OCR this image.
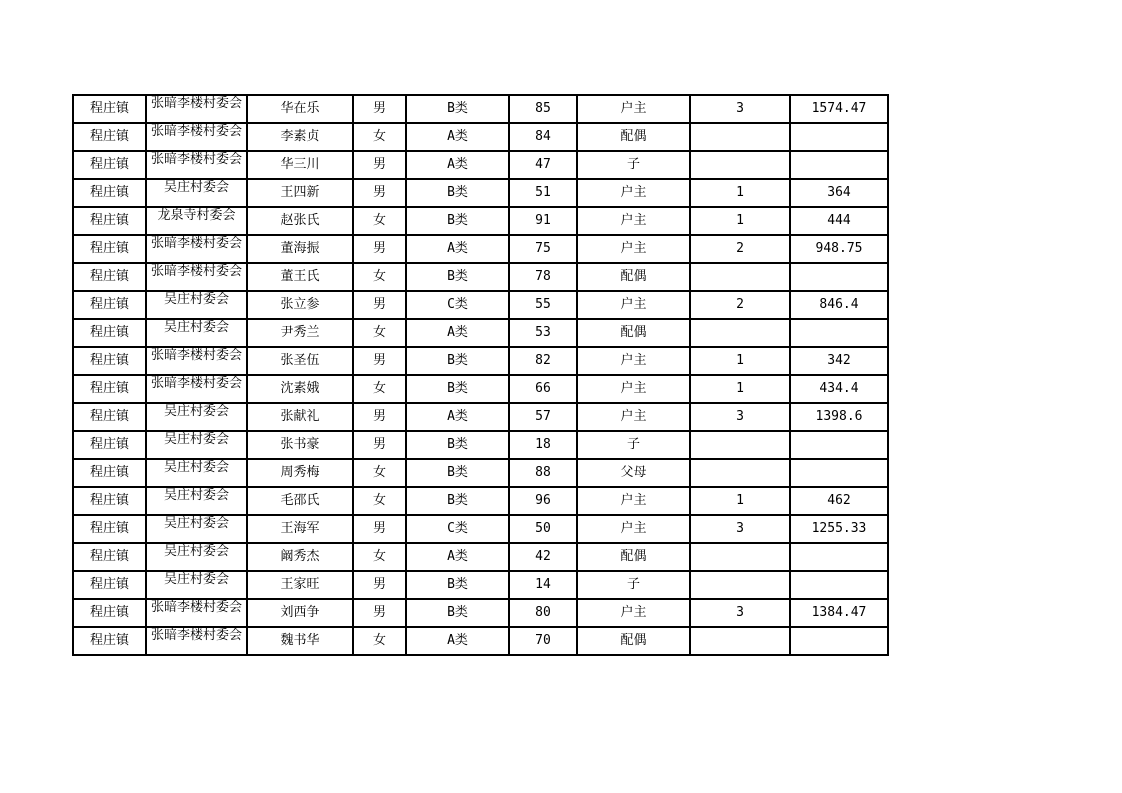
程庄镇	张暗李楼村委会	华在乐	男	B类	85	户主	3	1574.47
程庄镇	张暗李楼村委会	李素贞	女	A类	84	配偶		
程庄镇	张暗李楼村委会	华三川	男	A类	47	子		
程庄镇	吴庄村委会	王四新	男	B类	51	户主	1	364
程庄镇	龙泉寺村委会	赵张氏	女	B类	91	户主	1	444
程庄镇	张暗李楼村委会	董海振	男	A类	75	户主	2	948.75
程庄镇	张暗李楼村委会	董王氏	女	B类	78	配偶		
程庄镇	吴庄村委会	张立参	男	C类	55	户主	2	846.4
程庄镇	吴庄村委会	尹秀兰	女	A类	53	配偶		
程庄镇	张暗李楼村委会	张圣伍	男	B类	82	户主	1	342
程庄镇	张暗李楼村委会	沈素娥	女	B类	66	户主	1	434.4
程庄镇	吴庄村委会	张献礼	男	A类	57	户主	3	1398.6
程庄镇	吴庄村委会	张书豪	男	B类	18	子		
程庄镇	吴庄村委会	周秀梅	女	B类	88	父母		
程庄镇	吴庄村委会	毛邵氏	女	B类	96	户主	1	462
程庄镇	吴庄村委会	王海军	男	C类	50	户主	3	1255.33
程庄镇	吴庄村委会	阚秀杰	女	A类	42	配偶		
程庄镇	吴庄村委会	王家旺	男	B类	14	子		
程庄镇	张暗李楼村委会	刘西争	男	B类	80	户主	3	1384.47
程庄镇	张暗李楼村委会	魏书华	女	A类	70	配偶		
